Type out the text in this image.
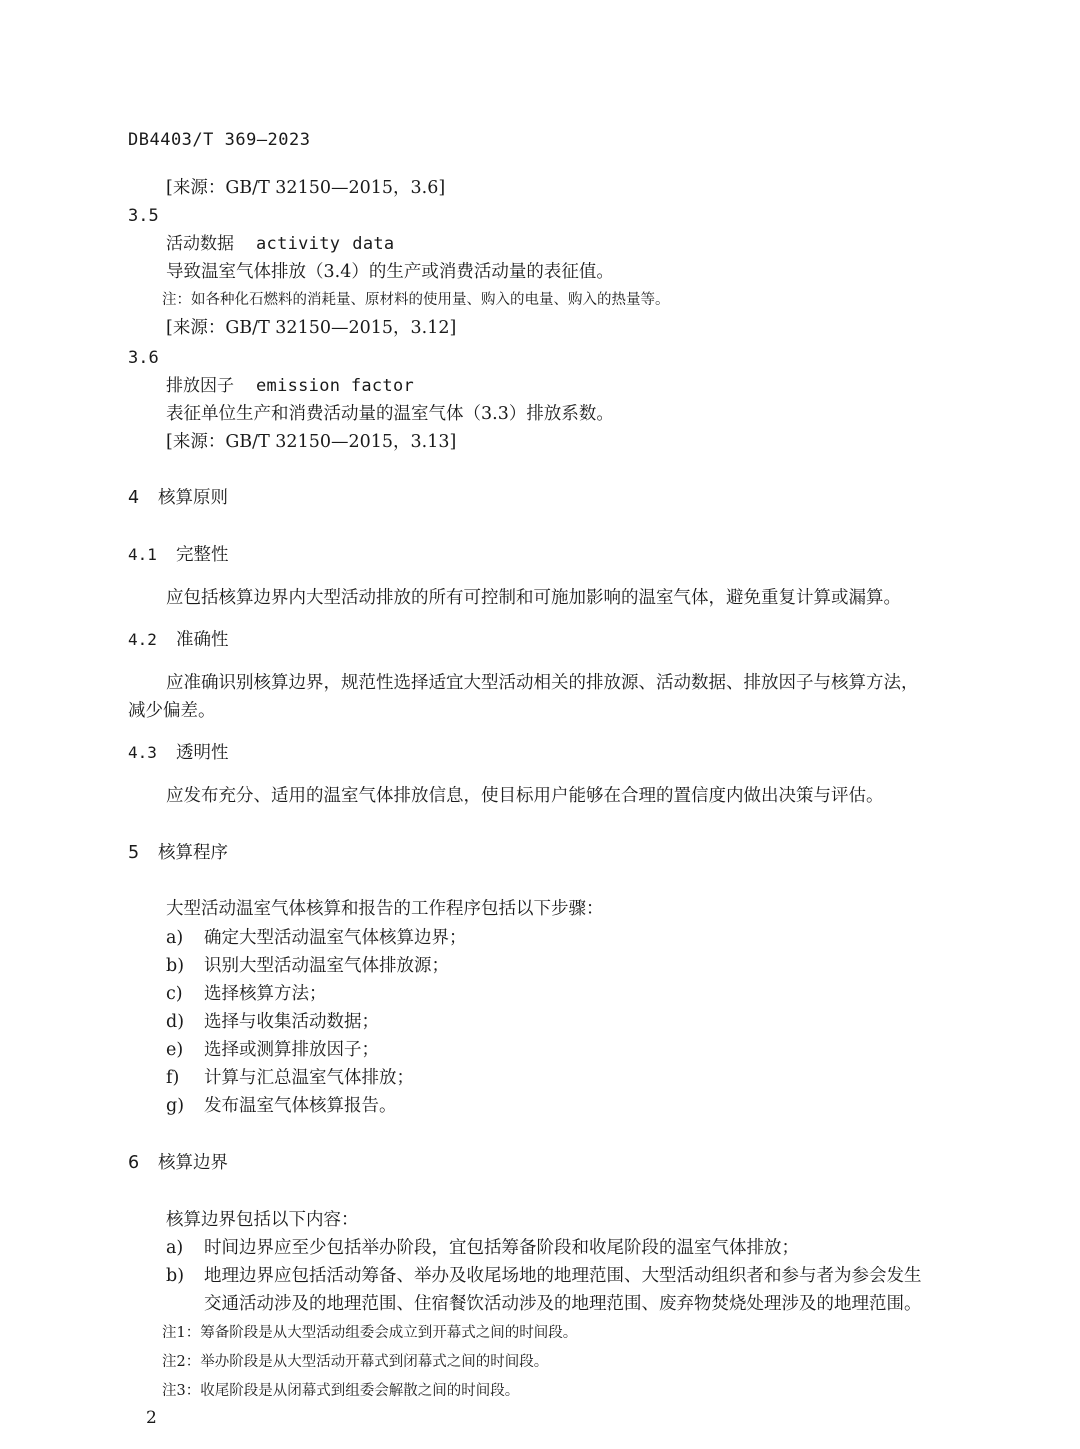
DB4403/T 369—2023
[来源：GB/T 32150—2015，3.6]
3.5
活动数据 activity data
导致温室气体排放（3.4）的生产或消费活动量的表征值。
注：如各种化石燃料的消耗量、原材料的使用量、购入的电量、购入的热量等。
[来源：GB/T 32150—2015，3.12]
3.6
排放因子 emission factor
表征单位生产和消费活动量的温室气体（3.3）排放系数。
[来源：GB/T 32150—2015，3.13]
4 核算原则
4.1 完整性
应包括核算边界内大型活动排放的所有可控制和可施加影响的温室气体，避免重复计算或漏算。
4.2 准确性
应准确识别核算边界，规范性选择适宜大型活动相关的排放源、活动数据、排放因子与核算方法，
减少偏差。
4.3 透明性
应发布充分、适用的温室气体排放信息，使目标用户能够在合理的置信度内做出决策与评估。
5 核算程序
大型活动温室气体核算和报告的工作程序包括以下步骤：
a) 确定大型活动温室气体核算边界；
b) 识别大型活动温室气体排放源；
c) 选择核算方法；
d) 选择与收集活动数据；
e) 选择或测算排放因子；
f) 计算与汇总温室气体排放；
g) 发布温室气体核算报告。
6 核算边界
核算边界包括以下内容：
a) 时间边界应至少包括举办阶段，宜包括筹备阶段和收尾阶段的温室气体排放；
b) 地理边界应包括活动筹备、举办及收尾场地的地理范围、大型活动组织者和参与者为参会发生
交通活动涉及的地理范围、住宿餐饮活动涉及的地理范围、废弃物焚烧处理涉及的地理范围。
注1：筹备阶段是从大型活动组委会成立到开幕式之间的时间段。
注2：举办阶段是从大型活动开幕式到闭幕式之间的时间段。
注3：收尾阶段是从闭幕式到组委会解散之间的时间段。
2
